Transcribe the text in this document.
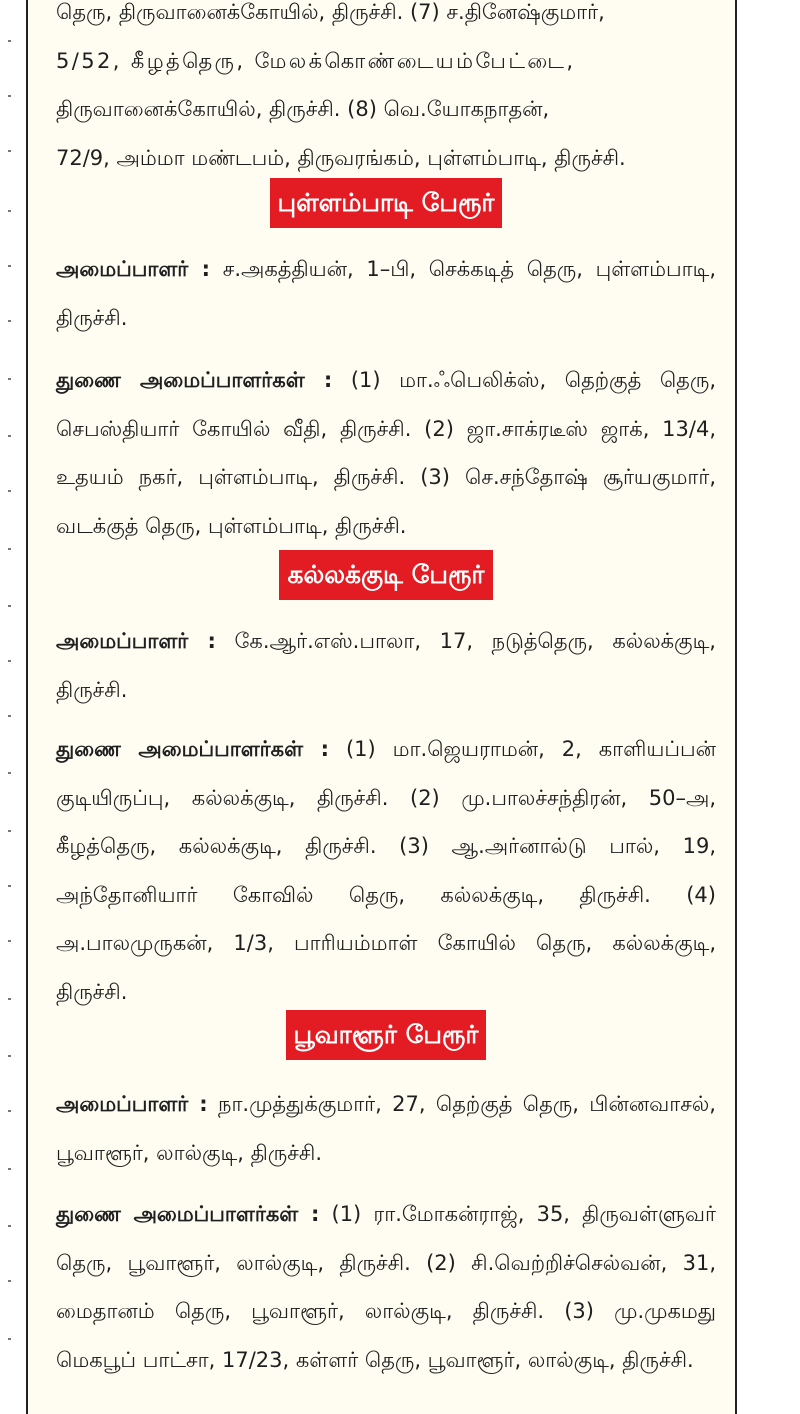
தெரு, திருவானைக்கோயில், திருச்சி. (7) ச.தினேஷ்குமார்,
5/52, கீழத்தெரு, மேலக்கொண்டையம்பேட்டை,
திருவானைக்கோயில், திருச்சி. (8) வெ.யோகநாதன்,
72/9, அம்மா மண்டபம், திருவரங்கம், புள்ளம்பாடி, திருச்சி.
புள்ளம்பாடி பேரூர்

அமைப்பாளர் : ச.அகத்தியன், 1–பி, செக்கடித் தெரு, புள்ளம்பாடி, திருச்சி.

துணை அமைப்பாளர்கள் : (1) மா.ஃபெலிக்ஸ், தெற்குத் தெரு, செபஸ்தியார் கோயில் வீதி, திருச்சி. (2) ஜா.சாக்ரடீஸ் ஜாக், 13/4, உதயம் நகர், புள்ளம்பாடி, திருச்சி. (3) செ.சந்தோஷ் சூர்யகுமார், வடக்குத் தெரு, புள்ளம்பாடி, திருச்சி.

கல்லக்குடி பேரூர்

அமைப்பாளர் : கே.ஆர்.எஸ்.பாலா, 17, நடுத்தெரு, கல்லக்குடி, திருச்சி.

துணை அமைப்பாளர்கள் : (1) மா.ஜெயராமன், 2, காளியப்பன் குடியிருப்பு, கல்லக்குடி, திருச்சி. (2) மு.பாலச்சந்திரன், 50–அ, கீழத்தெரு, கல்லக்குடி, திருச்சி. (3) ஆ.அர்னால்டு பால், 19, அந்தோனியார் கோவில் தெரு, கல்லக்குடி, திருச்சி. (4) அ.பாலமுருகன், 1/3, பாரியம்மாள் கோயில் தெரு, கல்லக்குடி, திருச்சி.

பூவாளூர் பேரூர்

அமைப்பாளர் : நா.முத்துக்குமார், 27, தெற்குத் தெரு, பின்னவாசல், பூவாளூர், லால்குடி, திருச்சி.

துணை அமைப்பாளர்கள் : (1) ரா.மோகன்ராஜ், 35, திருவள்ளுவர் தெரு, பூவாளூர், லால்குடி, திருச்சி. (2) சி.வெற்றிச்செல்வன், 31, மைதானம் தெரு, பூவாளூர், லால்குடி, திருச்சி. (3) மு.முகமது மெகபூப் பாட்சா, 17/23, கள்ளர் தெரு, பூவாளூர், லால்குடி, திருச்சி.
